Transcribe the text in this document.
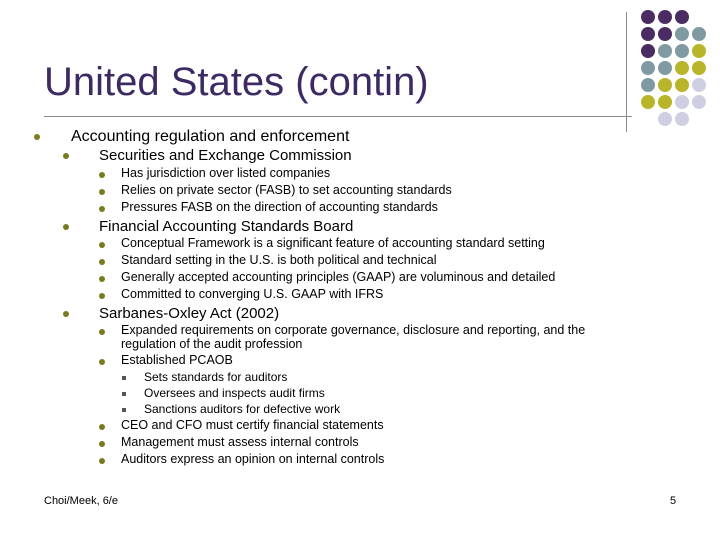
United States (contin)
Accounting regulation and enforcement
Securities and Exchange Commission
Has jurisdiction over listed companies
Relies on private sector (FASB) to set accounting standards
Pressures FASB on the direction of accounting standards
Financial Accounting Standards Board
Conceptual Framework is a significant feature of accounting standard setting
Standard setting in the U.S. is both political and technical
Generally accepted accounting principles (GAAP) are voluminous and detailed
Committed to converging U.S. GAAP with IFRS
Sarbanes-Oxley Act (2002)
Expanded requirements on corporate governance, disclosure and reporting, and the
regulation of the audit profession
Established PCAOB
Sets standards for auditors
Oversees and inspects audit firms
Sanctions auditors for defective work
CEO and CFO must certify financial statements
Management must assess internal controls
Auditors express an opinion on internal controls
Choi/Meek, 6/e	5
